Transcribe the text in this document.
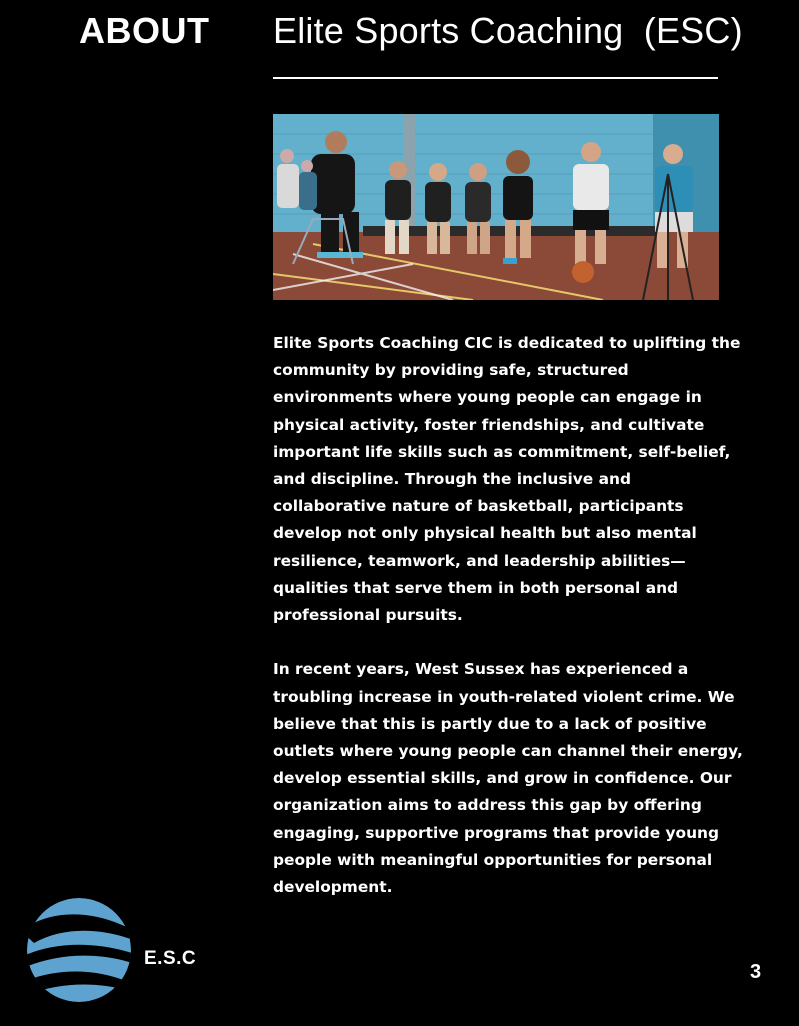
ABOUT Elite Sports Coaching  (ESC)

Elite Sports Coaching CIC is dedicated to uplifting the community by providing safe, structured environments where young people can engage in physical activity, foster friendships, and cultivate important life skills such as commitment, self-belief, and discipline. Through the inclusive and collaborative nature of basketball, participants develop not only physical health but also mental resilience, teamwork, and leadership abilities—qualities that serve them in both personal and professional pursuits.

In recent years, West Sussex has experienced a troubling increase in youth-related violent crime. We believe that this is partly due to a lack of positive outlets where young people can channel their energy, develop essential skills, and grow in confidence. Our organization aims to address this gap by offering engaging, supportive programs that provide young people with meaningful opportunities for personal development.

E.S.C
3
